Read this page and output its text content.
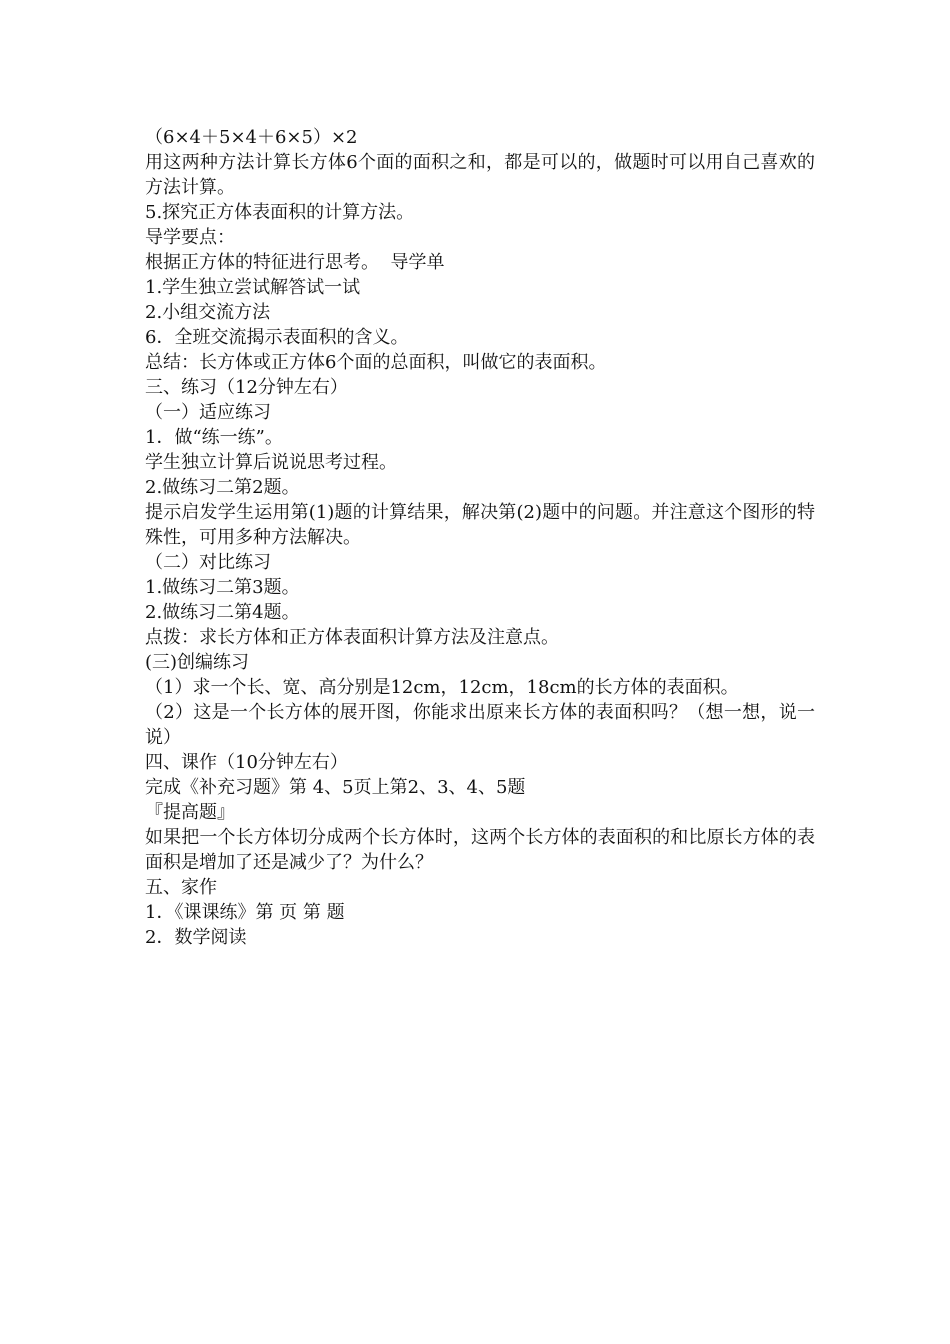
（6×4＋5×4＋6×5）×2

用这两种方法计算长方体6个面的面积之和，都是可以的，做题时可以用自己喜欢的方法计算。

5.探究正方体表面积的计算方法。

导学要点：

根据正方体的特征进行思考。  导学单

1.学生独立尝试解答试一试

2.小组交流方法

6．全班交流揭示表面积的含义。

总结：长方体或正方体6个面的总面积，叫做它的表面积。

三、练习（12分钟左右）

（一）适应练习

1．做“练一练”。

学生独立计算后说说思考过程。

2.做练习二第2题。

提示启发学生运用第(1)题的计算结果，解决第(2)题中的问题。并注意这个图形的特殊性，可用多种方法解决。

（二）对比练习

1.做练习二第3题。

2.做练习二第4题。

点拨：求长方体和正方体表面积计算方法及注意点。

(三)创编练习

（1）求一个长、宽、高分别是12cm，12cm，18cm的长方体的表面积。

（2）这是一个长方体的展开图，你能求出原来长方体的表面积吗？（想一想，说一说）

四、课作（10分钟左右）

完成《补充习题》第 4、5页上第2、3、4、5题

『提高题』

如果把一个长方体切分成两个长方体时，这两个长方体的表面积的和比原长方体的表面积是增加了还是减少了？为什么？

五、家作

1．《课课练》第 页 第 题

2．数学阅读
